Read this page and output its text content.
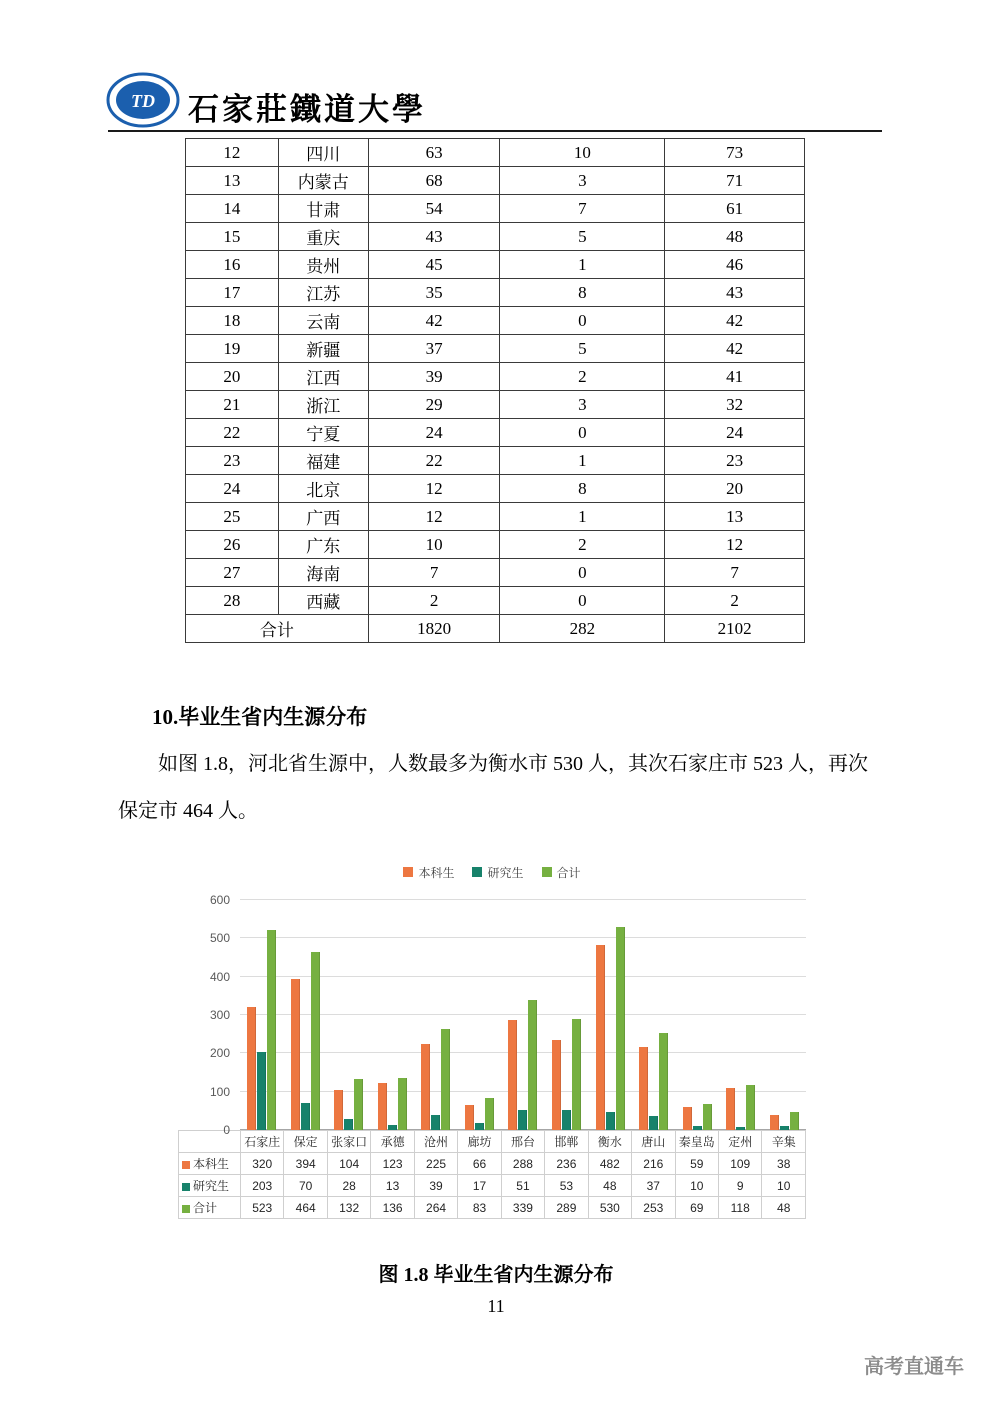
TD 石家莊鐵道大學
12	四川	63	10	73
13	内蒙古	68	3	71
14	甘肃	54	7	61
15	重庆	43	5	48
16	贵州	45	1	46
17	江苏	35	8	43
18	云南	42	0	42
19	新疆	37	5	42
20	江西	39	2	41
21	浙江	29	3	32
22	宁夏	24	0	24
23	福建	22	1	23
24	北京	12	8	20
25	广西	12	1	13
26	广东	10	2	12
27	海南	7	0	7
28	西藏	2	0	2
合计		1820	282	2102
10.毕业生省内生源分布
如图 1.8，河北省生源中，人数最多为衡水市 530 人，其次石家庄市 523 人，再次保定市 464 人。
本科生	研究生	合计
0
100
200
300
400
500
600
	石家庄	保定	张家口	承德	沧州	廊坊	邢台	邯郸	衡水	唐山	秦皇岛	定州	辛集
本科生	320	394	104	123	225	66	288	236	482	216	59	109	38
研究生	203	70	28	13	39	17	51	53	48	37	10	9	10
合计	523	464	132	136	264	83	339	289	530	253	69	118	48
图 1.8 毕业生省内生源分布
11
高考直通车
